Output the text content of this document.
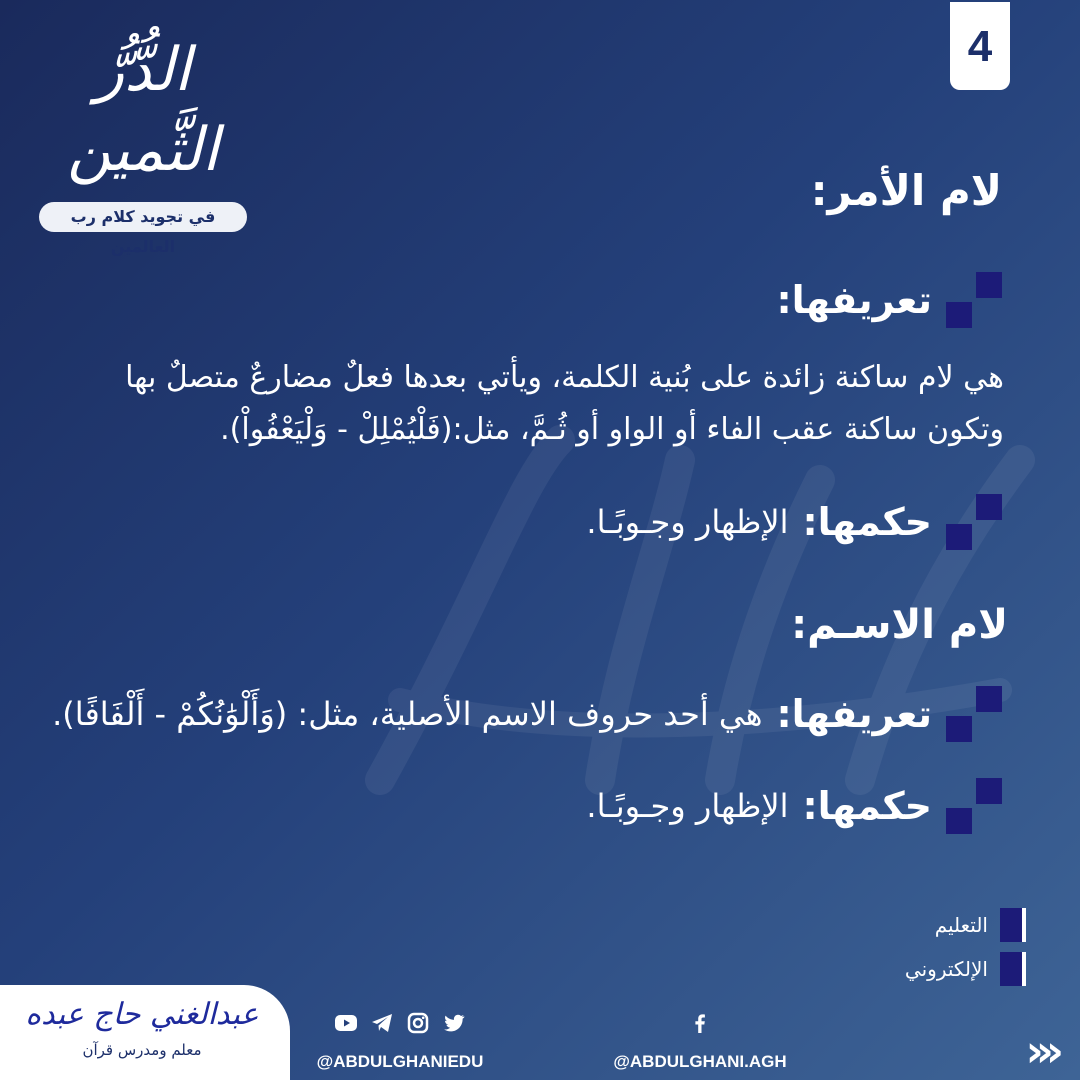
الدُّرُّ الثَّمين
في تجويد كلام رب العالمين
4
لام الأمر:
تعريفها:
هي لام ساكنة زائدة على بُنية الكلمة، ويأتي بعدها فعلٌ مضارعٌ متصلٌ بها وتكون ساكنة عقب الفاء أو الواو أو ثُـمَّ، مثل:(فَلْيُمْلِلْ - وَلْيَعْفُواْ).
حكمها:
الإظهار وجـوبًـا.
لام الاسـم:
تعريفها:
هي أحد حروف الاسم الأصلية، مثل: (وَأَلْوَٰنُكُمْ - أَلْفَافًا).
حكمها:
الإظهار وجـوبًـا.
التعليم
الإلكتروني
عبدالغني حاج عبده
معلم ومدرس قرآن
@ABDULGHANIEDU	@ABDULGHANI.AGH	›››
